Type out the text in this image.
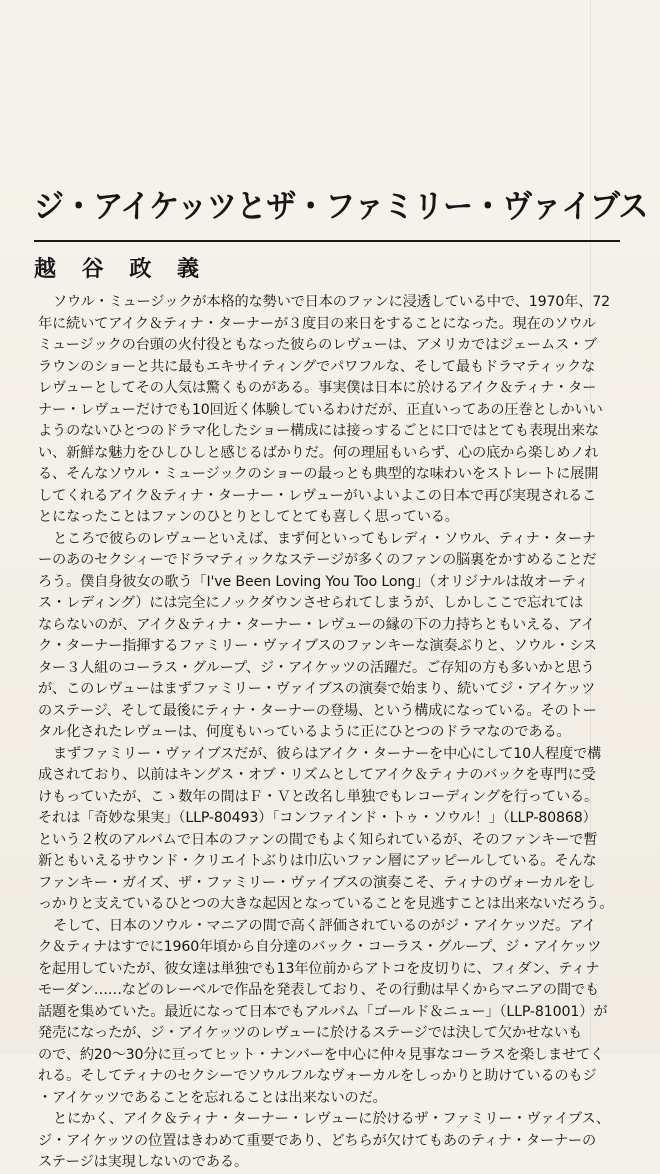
ジ・アイケッツとザ・ファミリー・ヴァイブス
越 谷 政 義
ソウル・ミュージックが本格的な勢いで日本のファンに浸透している中で、1970年、72
年に続いてアイク＆ティナ・ターナーが３度目の来日をすることになった。現在のソウル
ミュージックの台頭の火付役ともなった彼らのレヴューは、アメリカではジェームス・ブ
ラウンのショーと共に最もエキサイティングでパワフルな、そして最もドラマティックな
レヴューとしてその人気は驚くものがある。事実僕は日本に於けるアイク＆ティナ・ター
ナー・レヴューだけでも10回近く体験しているわけだが、正直いってあの圧巻としかいい
ようのないひとつのドラマ化したショー構成には接っするごとに口ではとても表現出来な
い、新鮮な魅力をひしひしと感じるばかりだ。何の理屈もいらず、心の底から楽しめノれ
る、そんなソウル・ミュージックのショーの最っとも典型的な味わいをストレートに展開
してくれるアイク＆ティナ・ターナー・レヴューがいよいよこの日本で再び実現されるこ
とになったことはファンのひとりとしてとても喜しく思っている。
ところで彼らのレヴューといえば、まず何といってもレディ・ソウル、ティナ・ターナ
ーのあのセクシィーでドラマティックなステージが多くのファンの脳裏をかすめることだ
ろう。僕自身彼女の歌う「I've Been Loving You Too Long」（オリジナルは故オーティ
ス・レディング）には完全にノックダウンさせられてしまうが、しかしここで忘れては
ならないのが、アイク＆ティナ・ターナー・レヴューの縁の下の力持ちともいえる、アイ
ク・ターナー指揮するファミリー・ヴァイブスのファンキーな演奏ぶりと、ソウル・シス
ター３人組のコーラス・グループ、ジ・アイケッツの活躍だ。ご存知の方も多いかと思う
が、このレヴューはまずファミリー・ヴァイブスの演奏で始まり、続いてジ・アイケッツ
のステージ、そして最後にティナ・ターナーの登場、という構成になっている。そのトー
タル化されたレヴューは、何度もいっているように正にひとつのドラマなのである。
まずファミリー・ヴァイブスだが、彼らはアイク・ターナーを中心にして10人程度で構
成されており、以前はキングス・オブ・リズムとしてアイク＆ティナのバックを専門に受
けもっていたが、こゝ数年の間はＦ・Ｖと改名し単独でもレコーディングを行っている。
それは「奇妙な果実」（LLP-80493）「コンファインド・トゥ・ソウル！」（LLP-80868）
という２枚のアルバムで日本のファンの間でもよく知られているが、そのファンキーで暫
新ともいえるサウンド・クリエイトぶりは巾広いファン層にアッピールしている。そんな
ファンキー・ガイズ、ザ・ファミリー・ヴァイブスの演奏こそ、ティナのヴォーカルをし
っかりと支えているひとつの大きな起因となっていることを見逃すことは出来ないだろう。
そして、日本のソウル・マニアの間で高く評価されているのがジ・アイケッツだ。アイ
ク＆ティナはすでに1960年頃から自分達のバック・コーラス・グループ、ジ・アイケッツ
を起用していたが、彼女達は単独でも13年位前からアトコを皮切りに、フィダン、ティナ
モーダン……などのレーベルで作品を発表しており、その行動は早くからマニアの間でも
話題を集めていた。最近になって日本でもアルバム「ゴールド＆ニュー」（LLP-81001）が
発売になったが、ジ・アイケッツのレヴューに於けるステージでは決して欠かせないも
ので、約20〜30分に亘ってヒット・ナンバーを中心に仲々見事なコーラスを楽しませてく
れる。そしてティナのセクシーでソウルフルなヴォーカルをしっかりと助けているのもジ
・アイケッツであることを忘れることは出来ないのだ。
とにかく、アイク＆ティナ・ターナー・レヴューに於けるザ・ファミリー・ヴァイブス、
ジ・アイケッツの位置はきわめて重要であり、どちらが欠けてもあのティナ・ターナーの
ステージは実現しないのである。
